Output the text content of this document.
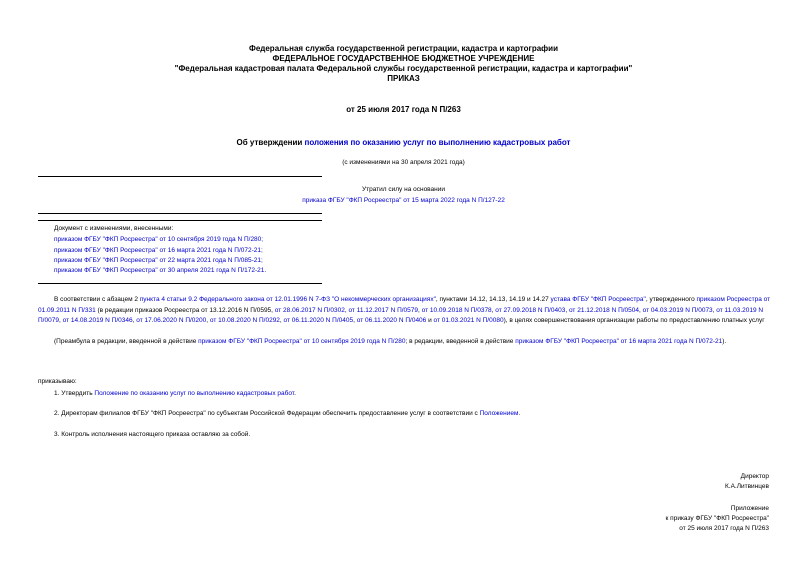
Федеральная служба государственной регистрации, кадастра и картографии
ФЕДЕРАЛЬНОЕ ГОСУДАРСТВЕННОЕ БЮДЖЕТНОЕ УЧРЕЖДЕНИЕ
"Федеральная кадастровая палата Федеральной службы государственной регистрации, кадастра и картографии"
ПРИКАЗ
от 25 июля 2017 года N П/263
Об утверждении положения по оказанию услуг по выполнению кадастровых работ
(с изменениями на 30 апреля 2021 года)
Утратил силу на основании
приказа ФГБУ "ФКП Росреестра" от 15 марта 2022 года N П/127-22
Документ с изменениями, внесенными:
приказом ФГБУ "ФКП Росреестра" от 10 сентября 2019 года N П/280;
приказом ФГБУ "ФКП Росреестра" от 16 марта 2021 года N П/072-21;
приказом ФГБУ "ФКП Росреестра" от 22 марта 2021 года N П/085-21;
приказом ФГБУ "ФКП Росреестра" от 30 апреля 2021 года N П/172-21.
В соответствии с абзацем 2 пункта 4 статьи 9.2 Федерального закона от 12.01.1996 N 7-ФЗ "О некоммерческих организациях", пунктами 14.12, 14.13, 14.19 и 14.27 устава ФГБУ "ФКП Росреестра", утвержденного приказом Росреестра от 01.09.2011 N П/331 (в редакции приказов Росреестра от 13.12.2016 N П/0595, от 28.06.2017 N П/0302, от 11.12.2017 N П/0579, от 10.09.2018 N П/0378, от 27.09.2018 N П/0403, от 21.12.2018 N П/0504, от 04.03.2019 N П/0073, от 11.03.2019 N П/0079, от 14.08.2019 N П/0346, от 17.06.2020 N П/0200, от 10.08.2020 N П/0292, от 06.11.2020 N П/0405, от 06.11.2020 N П/0406 и от 01.03.2021 N П/0080), в целях совершенствования организации работы по предоставлению платных услуг
(Преамбула в редакции, введенной в действие приказом ФГБУ "ФКП Росреестра" от 10 сентября 2019 года N П/280; в редакции, введенной в действие приказом ФГБУ "ФКП Росреестра" от 16 марта 2021 года N П/072-21).
приказываю:
1. Утвердить Положение по оказанию услуг по выполнению кадастровых работ.
2. Директорам филиалов ФГБУ "ФКП Росреестра" по субъектам Российской Федерации обеспечить предоставление услуг в соответствии с Положением.
3. Контроль исполнения настоящего приказа оставляю за собой.
Директор
К.А.Литвинцев
Приложение
к приказу ФГБУ "ФКП Росреестра"
от 25 июля 2017 года N П/263
